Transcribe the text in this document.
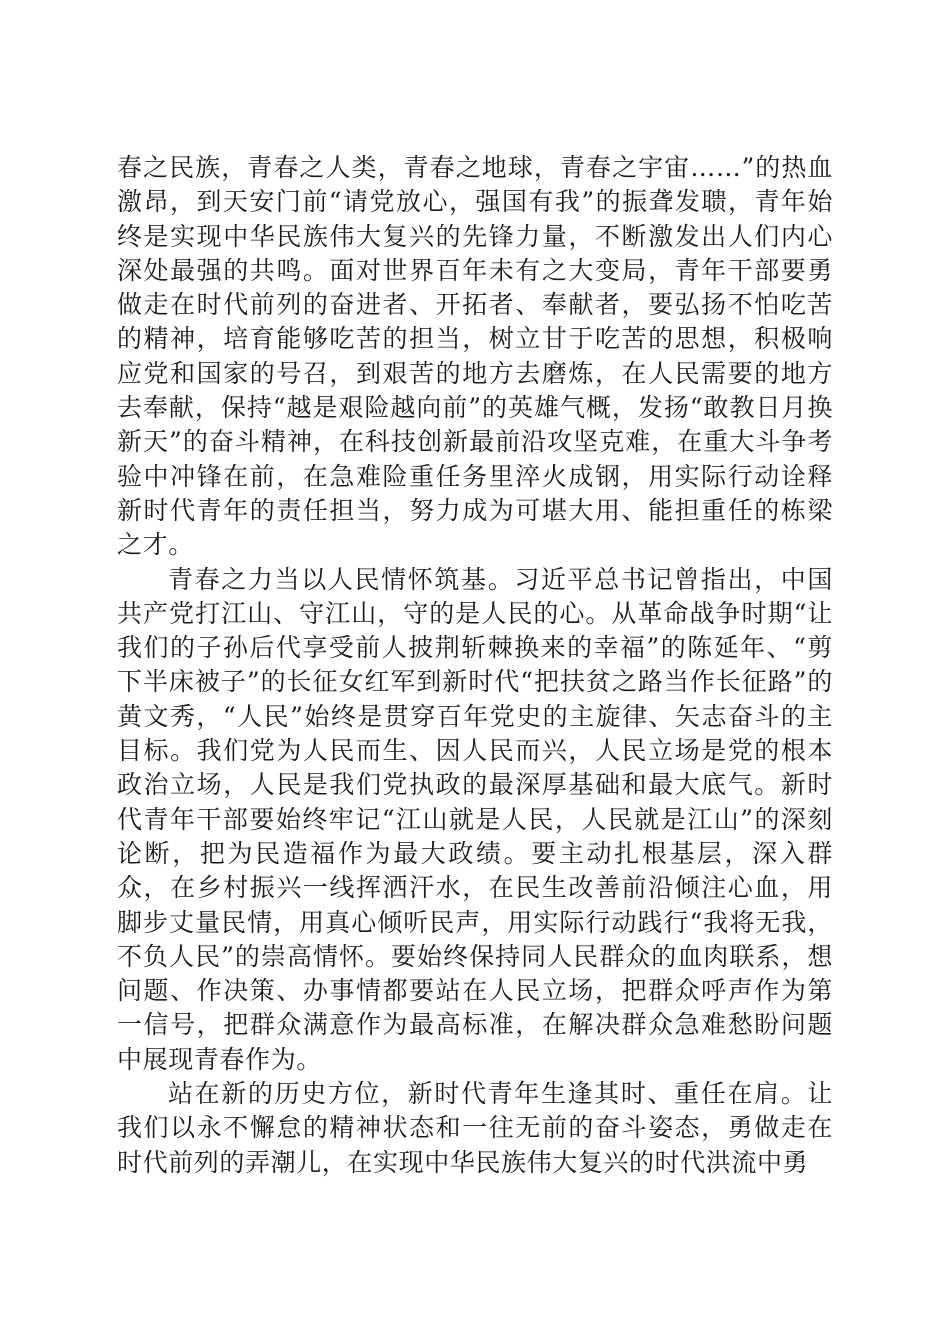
春之民族，青春之人类，青春之地球，青春之宇宙……”的热血激昂，到天安门前“请党放心，强国有我”的振聋发聩，青年始终是实现中华民族伟大复兴的先锋力量，不断激发出人们内心深处最强的共鸣。面对世界百年未有之大变局，青年干部要勇做走在时代前列的奋进者、开拓者、奉献者，要弘扬不怕吃苦的精神，培育能够吃苦的担当，树立甘于吃苦的思想，积极响应党和国家的号召，到艰苦的地方去磨炼，在人民需要的地方去奉献，保持“越是艰险越向前”的英雄气概，发扬“敢教日月换新天”的奋斗精神，在科技创新最前沿攻坚克难，在重大斗争考验中冲锋在前，在急难险重任务里淬火成钢，用实际行动诠释新时代青年的责任担当，努力成为可堪大用、能担重任的栋梁之才。

青春之力当以人民情怀筑基。习近平总书记曾指出，中国共产党打江山、守江山，守的是人民的心。从革命战争时期“让我们的子孙后代享受前人披荆斩棘换来的幸福”的陈延年、“剪下半床被子”的长征女红军到新时代“把扶贫之路当作长征路”的黄文秀，“人民”始终是贯穿百年党史的主旋律、矢志奋斗的主目标。我们党为人民而生、因人民而兴，人民立场是党的根本政治立场，人民是我们党执政的最深厚基础和最大底气。新时代青年干部要始终牢记“江山就是人民，人民就是江山”的深刻论断，把为民造福作为最大政绩。要主动扎根基层，深入群众，在乡村振兴一线挥洒汗水，在民生改善前沿倾注心血，用脚步丈量民情，用真心倾听民声，用实际行动践行“我将无我，不负人民”的崇高情怀。要始终保持同人民群众的血肉联系，想问题、作决策、办事情都要站在人民立场，把群众呼声作为第一信号，把群众满意作为最高标准，在解决群众急难愁盼问题中展现青春作为。

站在新的历史方位，新时代青年生逢其时、重任在肩。让我们以永不懈怠的精神状态和一往无前的奋斗姿态，勇做走在时代前列的弄潮儿，在实现中华民族伟大复兴的时代洪流中勇
